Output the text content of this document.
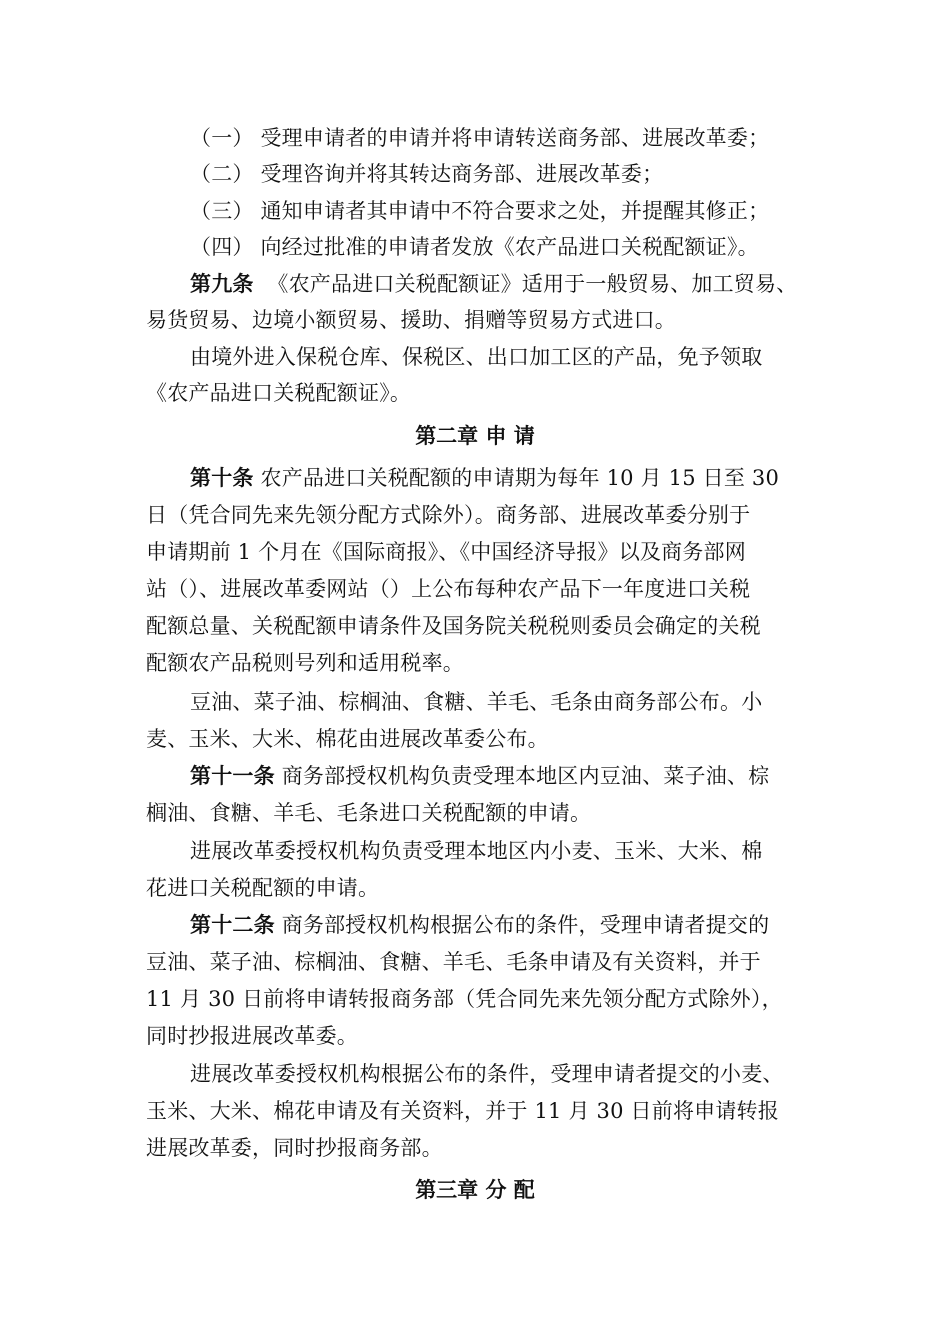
（一） 受理申请者的申请并将申请转送商务部、进展改革委；
（二） 受理咨询并将其转达商务部、进展改革委；
（三） 通知申请者其申请中不符合要求之处，并提醒其修正；
（四） 向经过批准的申请者发放《农产品进口关税配额证》。
第九条 《农产品进口关税配额证》适用于一般贸易、加工贸易、
易货贸易、边境小额贸易、援助、捐赠等贸易方式进口。
由境外进入保税仓库、保税区、出口加工区的产品，免予领取
《农产品进口关税配额证》。
第二章 申 请
第十条 农产品进口关税配额的申请期为每年 10 月 15 日至 30
日（凭合同先来先领分配方式除外）。商务部、进展改革委分别于
申请期前 1 个月在《国际商报》、《中国经济导报》以及商务部网
站（）、进展改革委网站（）上公布每种农产品下一年度进口关税
配额总量、关税配额申请条件及国务院关税税则委员会确定的关税
配额农产品税则号列和适用税率。
豆油、菜子油、棕榈油、食糖、羊毛、毛条由商务部公布。小
麦、玉米、大米、棉花由进展改革委公布。
第十一条 商务部授权机构负责受理本地区内豆油、菜子油、棕
榈油、食糖、羊毛、毛条进口关税配额的申请。
进展改革委授权机构负责受理本地区内小麦、玉米、大米、棉
花进口关税配额的申请。
第十二条 商务部授权机构根据公布的条件，受理申请者提交的
豆油、菜子油、棕榈油、食糖、羊毛、毛条申请及有关资料，并于
11 月 30 日前将申请转报商务部（凭合同先来先领分配方式除外），
同时抄报进展改革委。
进展改革委授权机构根据公布的条件，受理申请者提交的小麦、
玉米、大米、棉花申请及有关资料，并于 11 月 30 日前将申请转报
进展改革委，同时抄报商务部。
第三章 分 配
